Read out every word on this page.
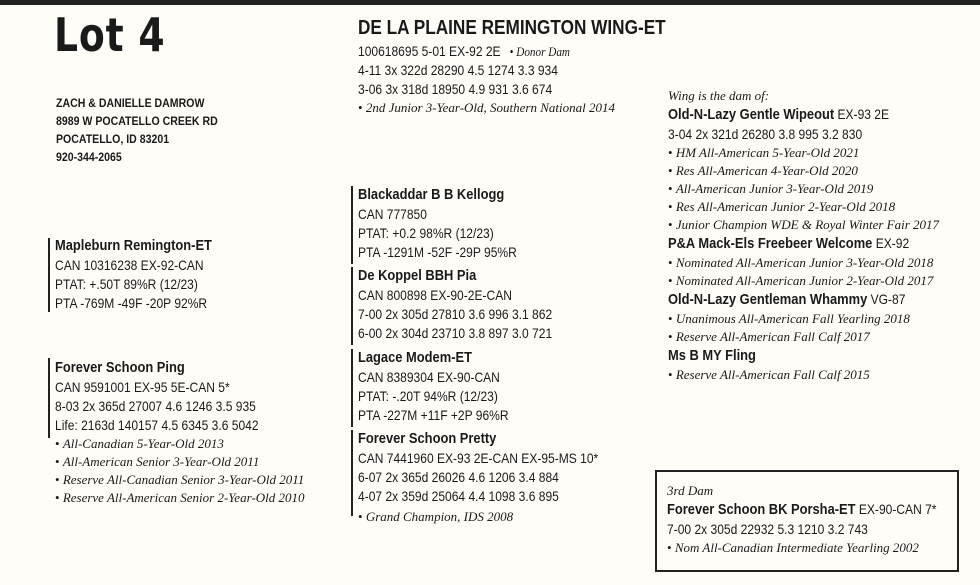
Lot 4
ZACH & DANIELLE DAMROW
8989 W POCATELLO CREEK RD
POCATELLO, ID 83201
920-344-2065
DE LA PLAINE REMINGTON WING-ET
100618695 5-01 EX-92 2E   • Donor Dam
4-11 3x 322d 28290 4.5 1274 3.3 934
3-06 3x 318d 18950 4.9 931 3.6 674
• 2nd Junior 3-Year-Old, Southern National 2014
Mapleburn Remington-ET
CAN 10316238 EX-92-CAN
PTAT: +.50T 89%R (12/23)
PTA -769M -49F -20P 92%R
Forever Schoon Ping
CAN 9591001 EX-95 5E-CAN 5*
8-03 2x 365d 27007 4.6 1246 3.5 935
Life: 2163d 140157 4.5 6345 3.6 5042
• All-Canadian 5-Year-Old 2013
• All-American Senior 3-Year-Old 2011
• Reserve All-Canadian Senior 3-Year-Old 2011
• Reserve All-American Senior 2-Year-Old 2010
Blackaddar B B Kellogg
CAN 777850
PTAT: +0.2 98%R (12/23)
PTA -1291M -52F -29P 95%R
De Koppel BBH Pia
CAN 800898 EX-90-2E-CAN
7-00 2x 305d 27810 3.6 996 3.1 862
6-00 2x 304d 23710 3.8 897 3.0 721
Lagace Modem-ET
CAN 8389304 EX-90-CAN
PTAT: -.20T 94%R (12/23)
PTA -227M +11F +2P 96%R
Forever Schoon Pretty
CAN 7441960 EX-93 2E-CAN EX-95-MS 10*
6-07 2x 365d 26026 4.6 1206 3.4 884
4-07 2x 359d 25064 4.4 1098 3.6 895
• Grand Champion, IDS 2008
Wing is the dam of:
Old-N-Lazy Gentle Wipeout EX-93 2E
3-04 2x 321d 26280 3.8 995 3.2 830
• HM All-American 5-Year-Old 2021
• Res All-American 4-Year-Old 2020
• All-American Junior 3-Year-Old 2019
• Res All-American Junior 2-Year-Old 2018
• Junior Champion WDE & Royal Winter Fair 2017
P&A Mack-Els Freebeer Welcome EX-92
• Nominated All-American Junior 3-Year-Old 2018
• Nominated All-American Junior 2-Year-Old 2017
Old-N-Lazy Gentleman Whammy VG-87
• Unanimous All-American Fall Yearling 2018
• Reserve All-American Fall Calf 2017
Ms B MY Fling
• Reserve All-American Fall Calf 2015
3rd Dam
Forever Schoon BK Porsha-ET EX-90-CAN 7*
7-00 2x 305d 22932 5.3 1210 3.2 743
• Nom All-Canadian Intermediate Yearling 2002
